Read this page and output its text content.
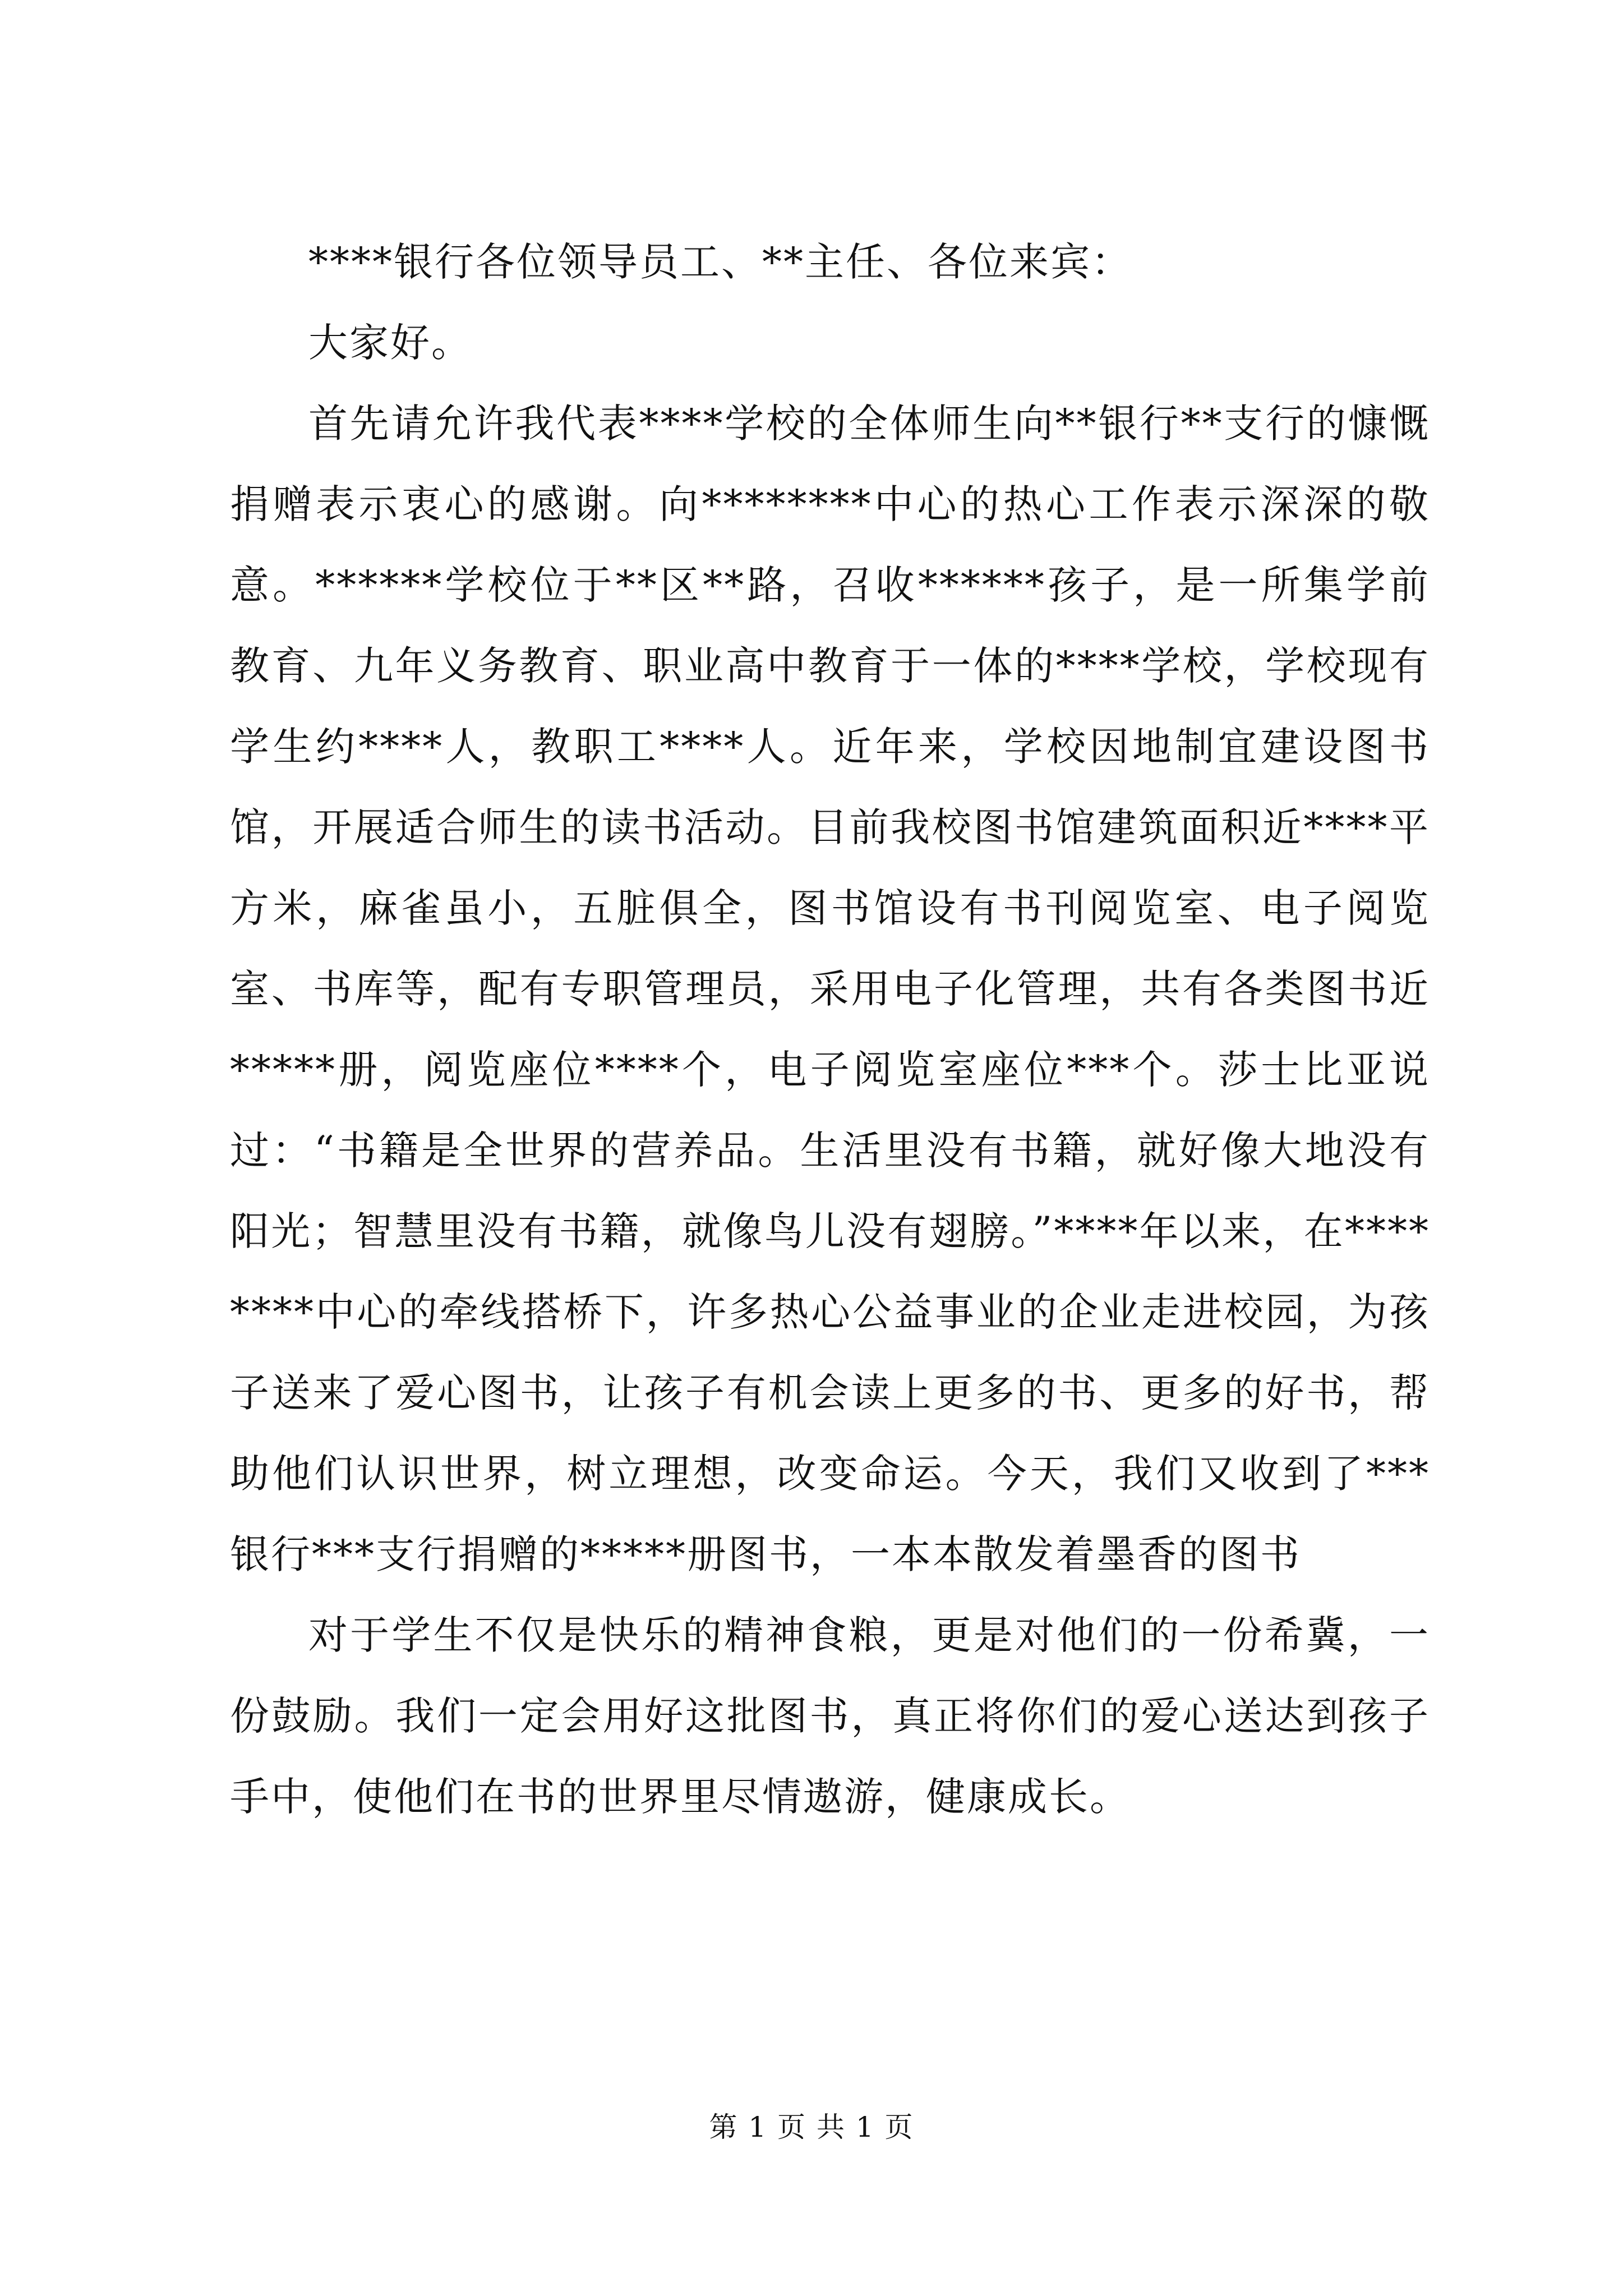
****银行各位领导员工、**主任、各位来宾：

大家好。

首先请允许我代表****学校的全体师生向**银行**支行的慷慨捐赠表示衷心的感谢。向********中心的热心工作表示深深的敬意。******学校位于**区**路，召收******孩子，是一所集学前教育、九年义务教育、职业高中教育于一体的****学校，学校现有学生约****人，教职工****人。近年来，学校因地制宜建设图书馆，开展适合师生的读书活动。目前我校图书馆建筑面积近****平方米，麻雀虽小，五脏俱全，图书馆设有书刊阅览室、电子阅览室、书库等，配有专职管理员，采用电子化管理，共有各类图书近*****册，阅览座位****个，电子阅览室座位***个。莎士比亚说过：“书籍是全世界的营养品。生活里没有书籍，就好像大地没有阳光；智慧里没有书籍，就像鸟儿没有翅膀。”****年以来，在********中心的牵线搭桥下，许多热心公益事业的企业走进校园，为孩子送来了爱心图书，让孩子有机会读上更多的书、更多的好书，帮助他们认识世界，树立理想，改变命运。今天，我们又收到了***银行***支行捐赠的*****册图书，一本本散发着墨香的图书

对于学生不仅是快乐的精神食粮，更是对他们的一份希冀，一份鼓励。我们一定会用好这批图书，真正将你们的爱心送达到孩子手中，使他们在书的世界里尽情遨游，健康成长。

第 1 页 共 1 页
